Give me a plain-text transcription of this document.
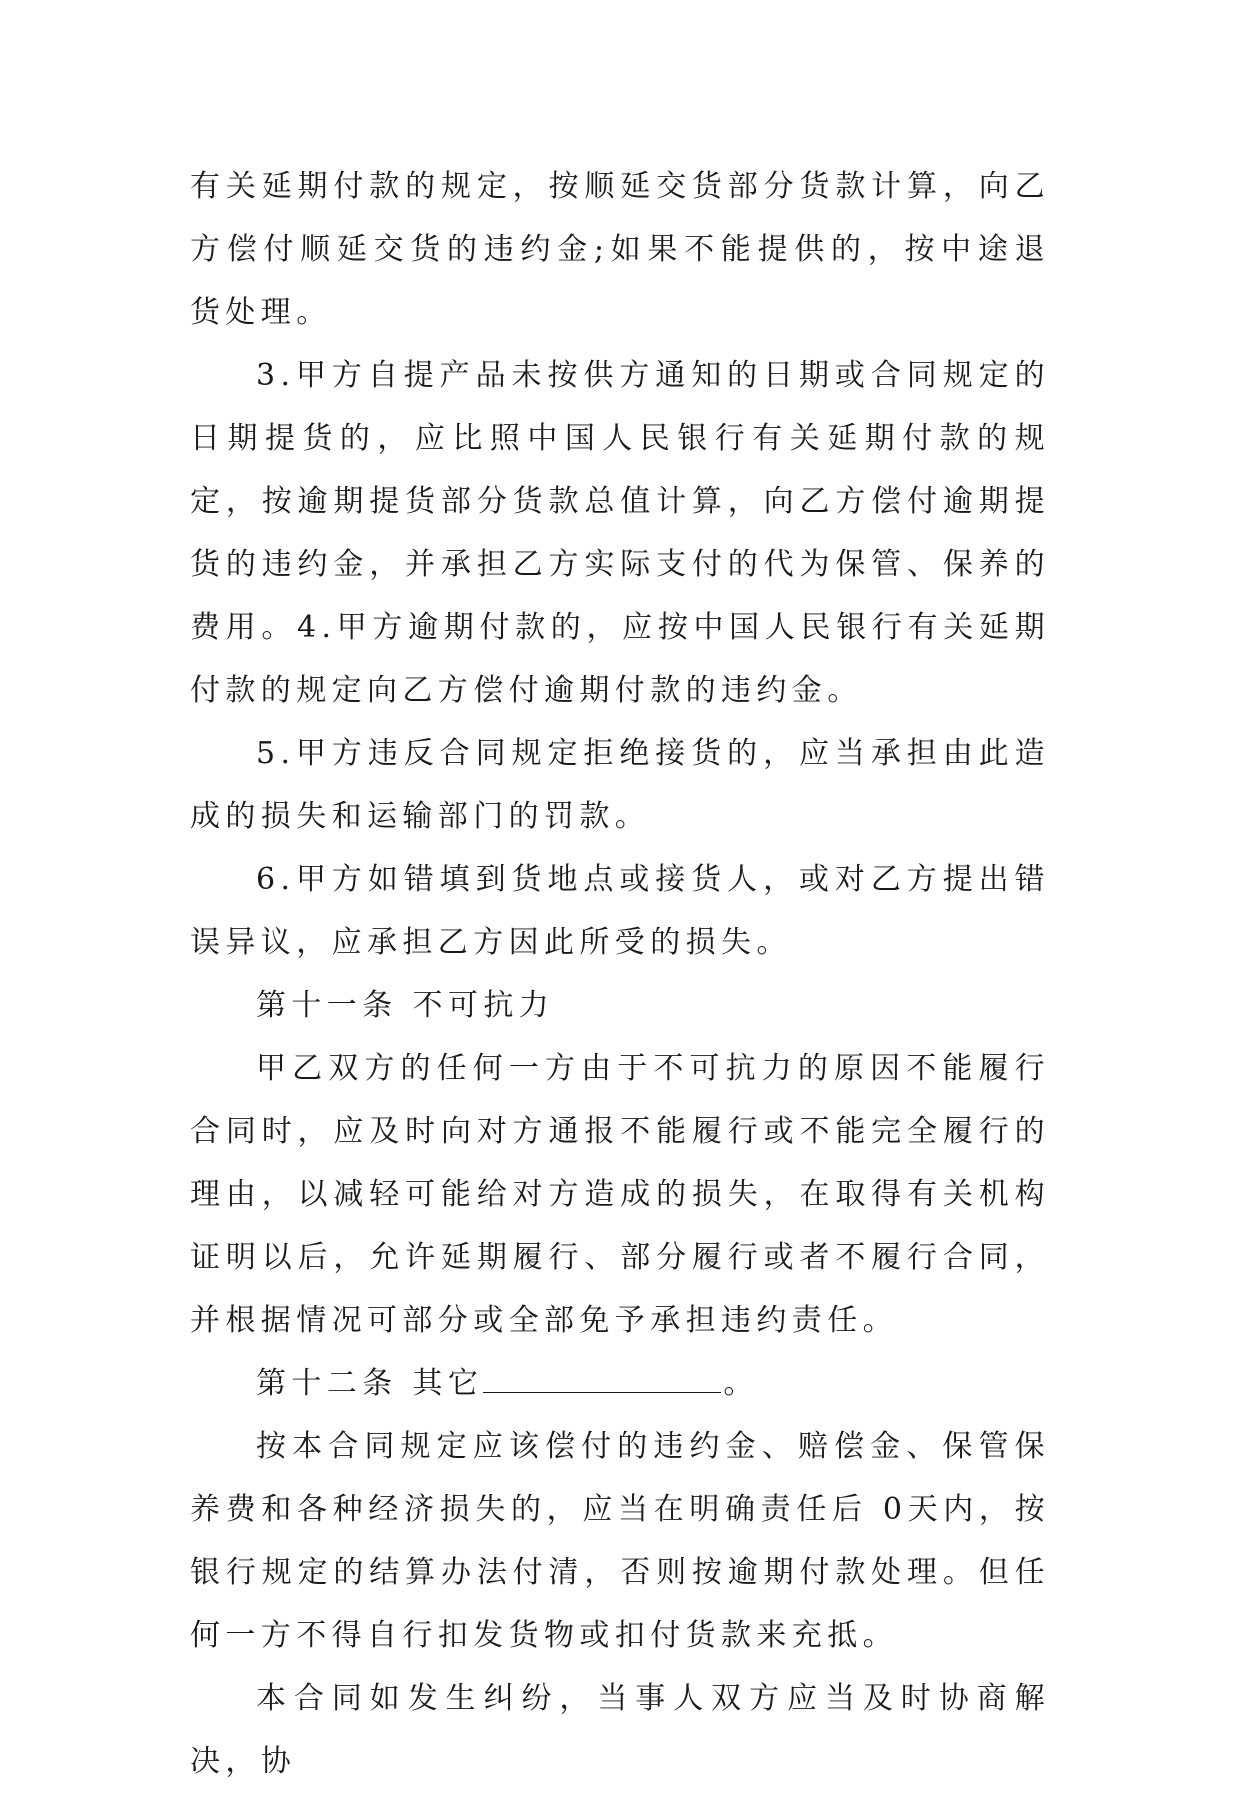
有关延期付款的规定，按顺延交货部分货款计算，向乙方偿付顺延交货的违约金;如果不能提供的，按中途退货处理。

3.甲方自提产品未按供方通知的日期或合同规定的日期提货的，应比照中国人民银行有关延期付款的规定，按逾期提货部分货款总值计算，向乙方偿付逾期提货的违约金，并承担乙方实际支付的代为保管、保养的费用。4.甲方逾期付款的，应按中国人民银行有关延期付款的规定向乙方偿付逾期付款的违约金。

5.甲方违反合同规定拒绝接货的，应当承担由此造成的损失和运输部门的罚款。

6.甲方如错填到货地点或接货人，或对乙方提出错误异议，应承担乙方因此所受的损失。

第十一条 不可抗力

甲乙双方的任何一方由于不可抗力的原因不能履行合同时，应及时向对方通报不能履行或不能完全履行的理由，以减轻可能给对方造成的损失，在取得有关机构证明以后，允许延期履行、部分履行或者不履行合同，并根据情况可部分或全部免予承担违约责任。

第十二条 其它	。

按本合同规定应该偿付的违约金、赔偿金、保管保养费和各种经济损失的，应当在明确责任后 0天内，按银行规定的结算办法付清，否则按逾期付款处理。但任何一方不得自行扣发货物或扣付货款来充抵。

本合同如发生纠纷，当事人双方应当及时协商解决，协
